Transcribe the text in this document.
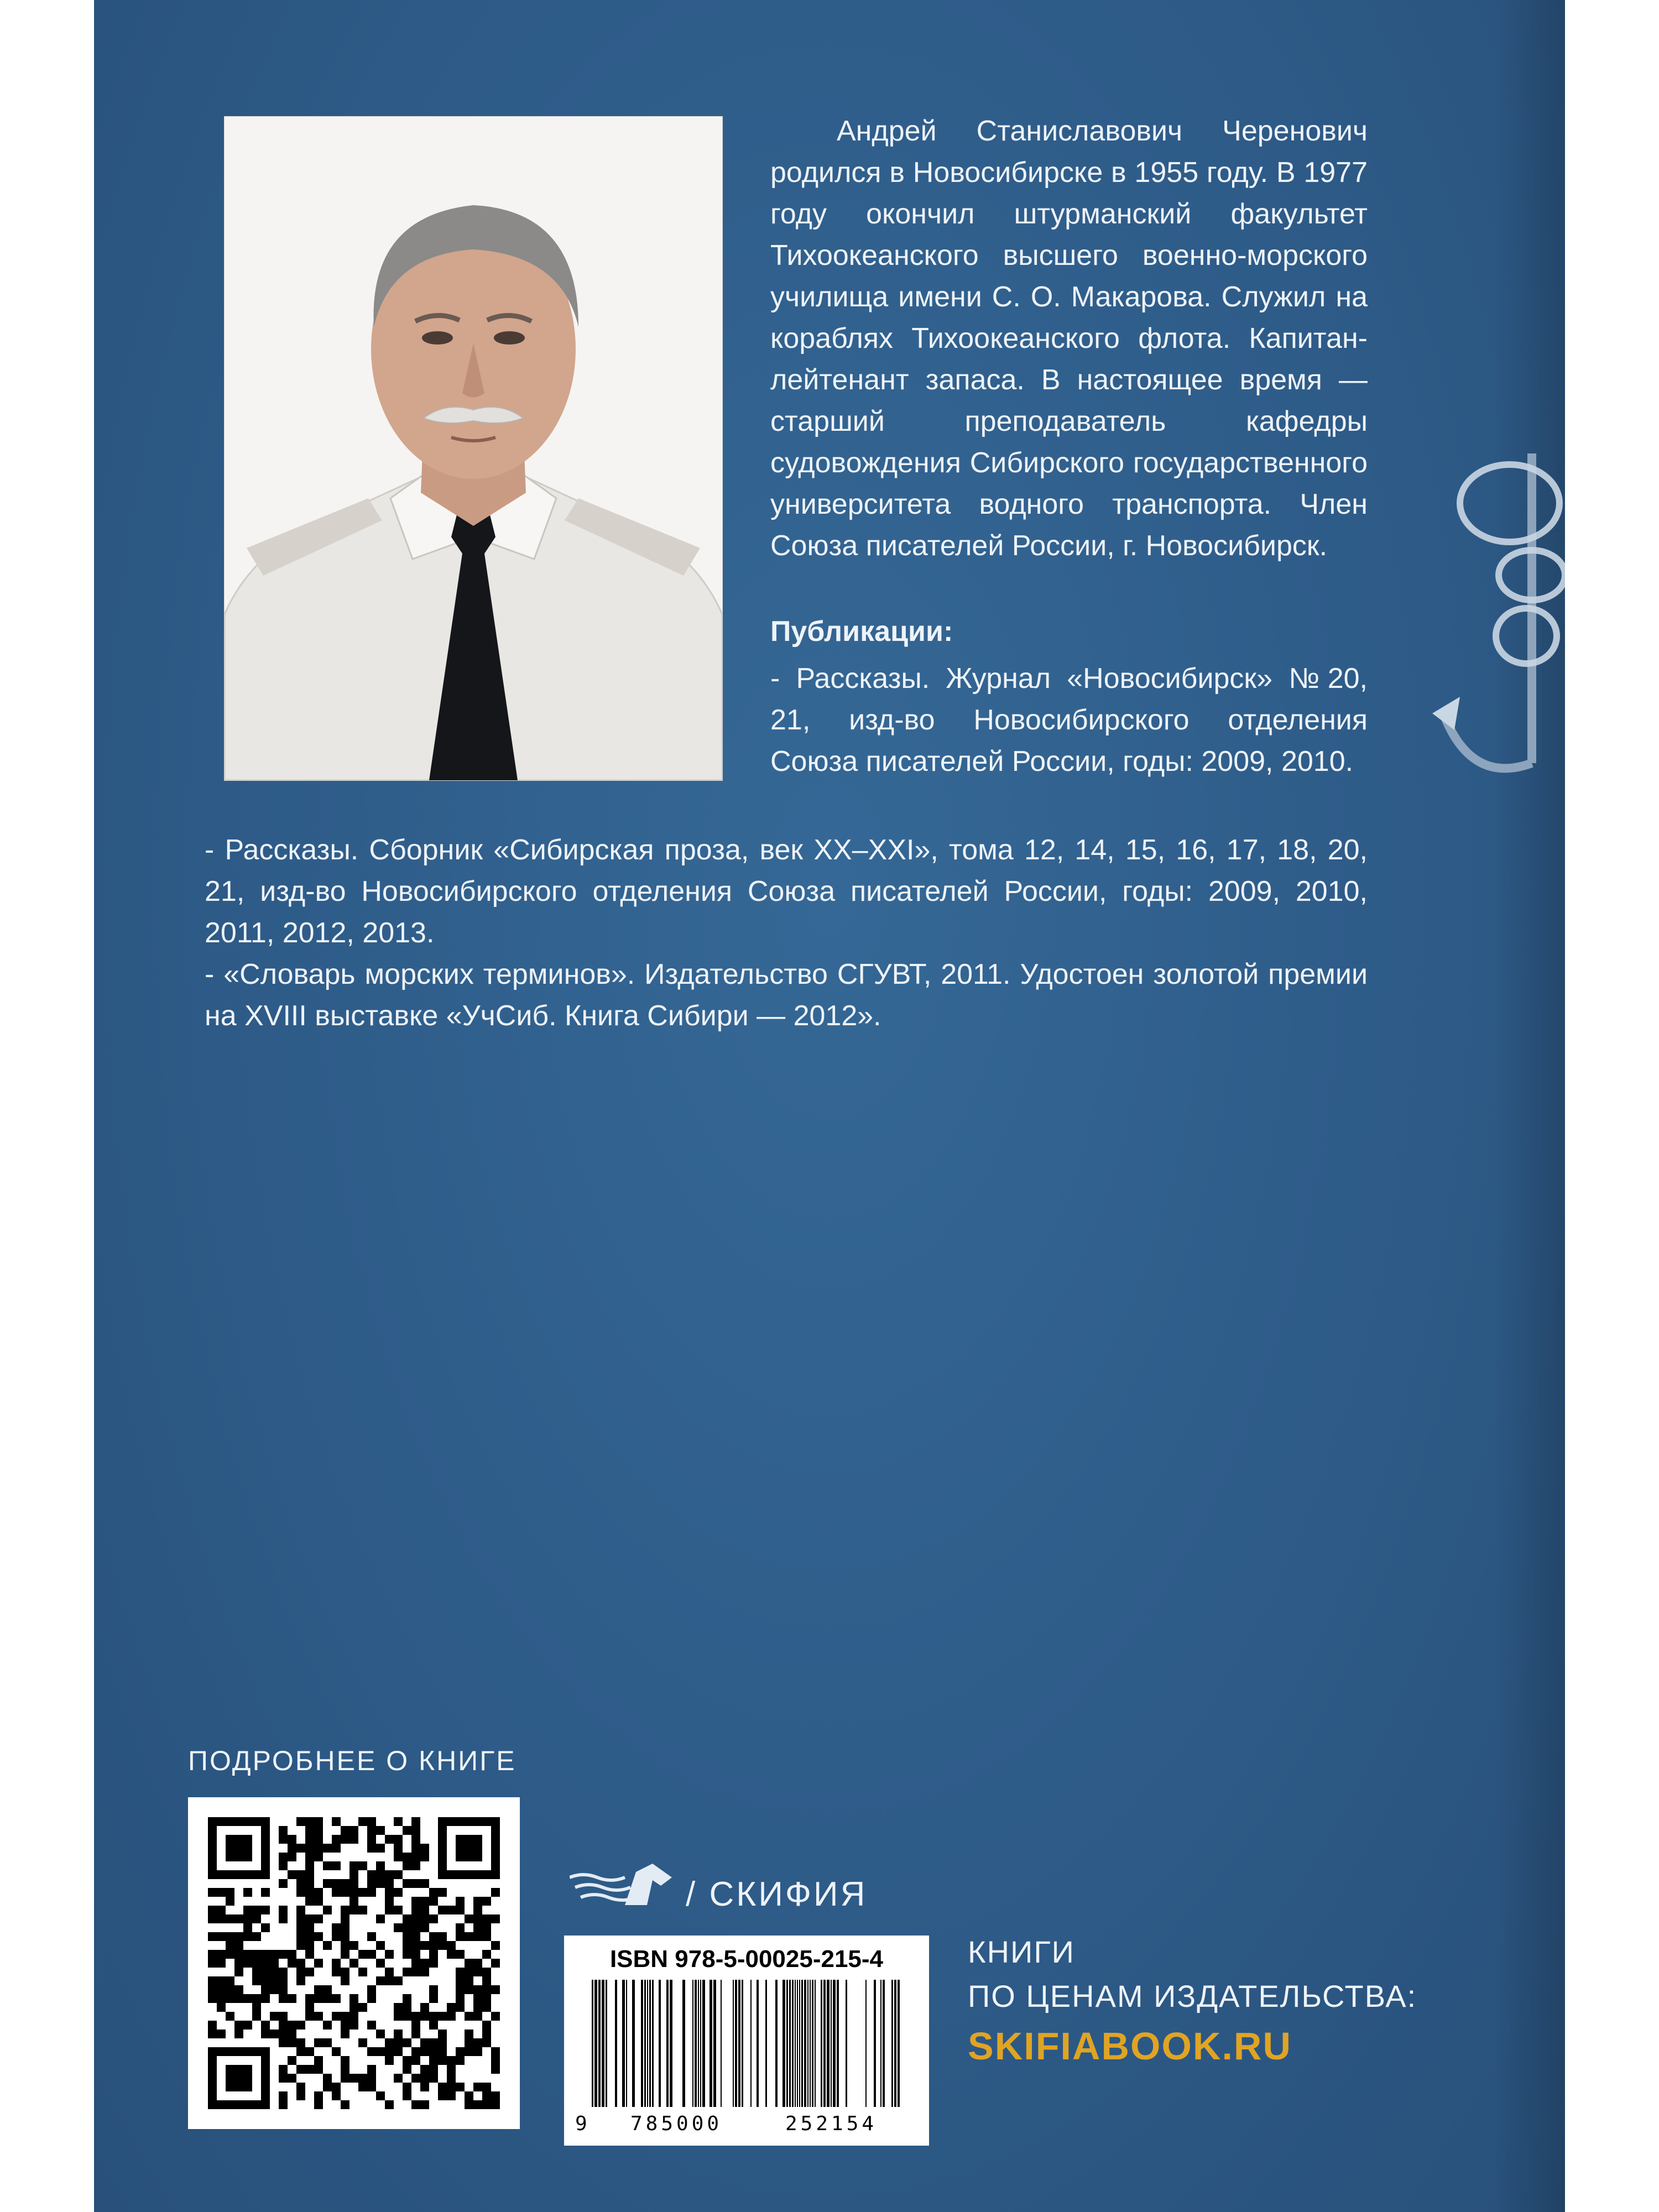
Андрей Станиславович Черенович родился в Новосибирске в 1955 году. В 1977 году окончил штурманский факультет Тихоокеанского высшего военно-морского училища имени С. О. Макарова. Служил на кораблях Тихоокеанского флота. Капитан-лейтенант запаса. В настоящее время — старший преподаватель кафедры судовождения Сибирского государственного университета водного транспорта. Член Союза писателей России, г. Новосибирск.

Публикации:

- Рассказы. Журнал «Новосибирск» №20, 21, изд-во Новосибирского отделения Союза писателей России, годы: 2009, 2010.

- Рассказы. Сборник «Сибирская проза, век XX–XXI», тома 12, 14, 15, 16, 17, 18, 20, 21, изд-во Новосибирского отделения Союза писателей России, годы: 2009, 2010, 2011, 2012, 2013.

- «Словарь морских терминов». Издательство СГУВТ, 2011. Удостоен золотой премии на XVIII выставке «УчСиб. Книга Сибири — 2012».

ПОДРОБНЕЕ О КНИГЕ
/ СКИФИЯ
ISBN 978-5-00025-215-4
9 785000	252154
КНИГИ
ПО ЦЕНАМ ИЗДАТЕЛЬСТВА:
SKIFIABOOK.RU
